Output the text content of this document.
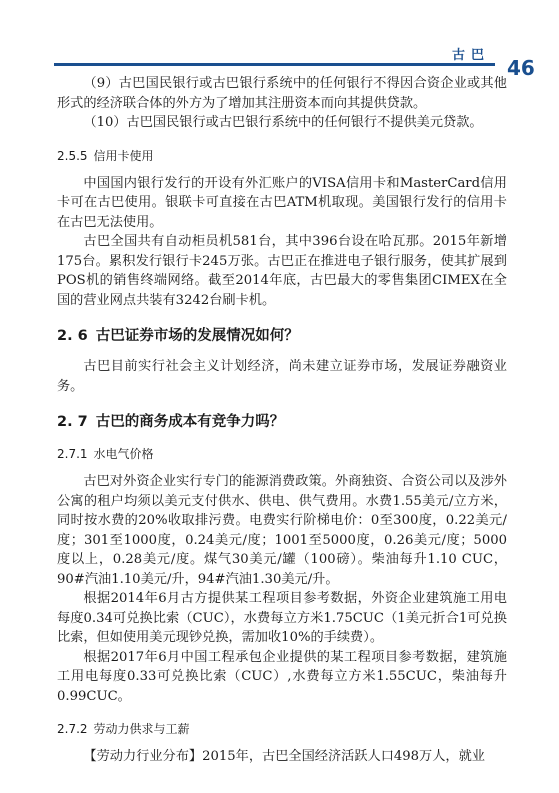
古巴
46

（9）古巴国民银行或古巴银行系统中的任何银行不得因合资企业或其他形式的经济联合体的外方为了增加其注册资本而向其提供贷款。

（10）古巴国民银行或古巴银行系统中的任何银行不提供美元贷款。

2.5.5 信用卡使用

中国国内银行发行的开设有外汇账户的VISA信用卡和MasterCard信用卡可在古巴使用。银联卡可直接在古巴ATM机取现。美国银行发行的信用卡在古巴无法使用。

古巴全国共有自动柜员机581台，其中396台设在哈瓦那。2015年新增175台。累积发行银行卡245万张。古巴正在推进电子银行服务，使其扩展到POS机的销售终端网络。截至2014年底，古巴最大的零售集团CIMEX在全国的营业网点共装有3242台刷卡机。

2. 6 古巴证券市场的发展情况如何？

古巴目前实行社会主义计划经济，尚未建立证券市场，发展证券融资业务。

2. 7 古巴的商务成本有竞争力吗？
2.7.1 水电气价格

古巴对外资企业实行专门的能源消费政策。外商独资、合资公司以及涉外公寓的租户均须以美元支付供水、供电、供气费用。水费1.55美元/立方米，同时按水费的20%收取排污费。电费实行阶梯电价：0至300度，0.22美元/度；301至1000度，0.24美元/度；1001至5000度，0.26美元/度；5000度以上，0.28美元/度。煤气30美元/罐（100磅）。柴油每升1.10 CUC，90#汽油1.10美元/升，94#汽油1.30美元/升。

根据2014年6月古方提供某工程项目参考数据，外资企业建筑施工用电每度0.34可兑换比索（CUC），水费每立方米1.75CUC（1美元折合1可兑换比索，但如使用美元现钞兑换，需加收10%的手续费）。

根据2017年6月中国工程承包企业提供的某工程项目参考数据，建筑施工用电每度0.33可兑换比索（CUC）,水费每立方米1.55CUC，柴油每升0.99CUC。

2.7.2 劳动力供求与工薪

【劳动力行业分布】2015年，古巴全国经济活跃人口498万人，就业
